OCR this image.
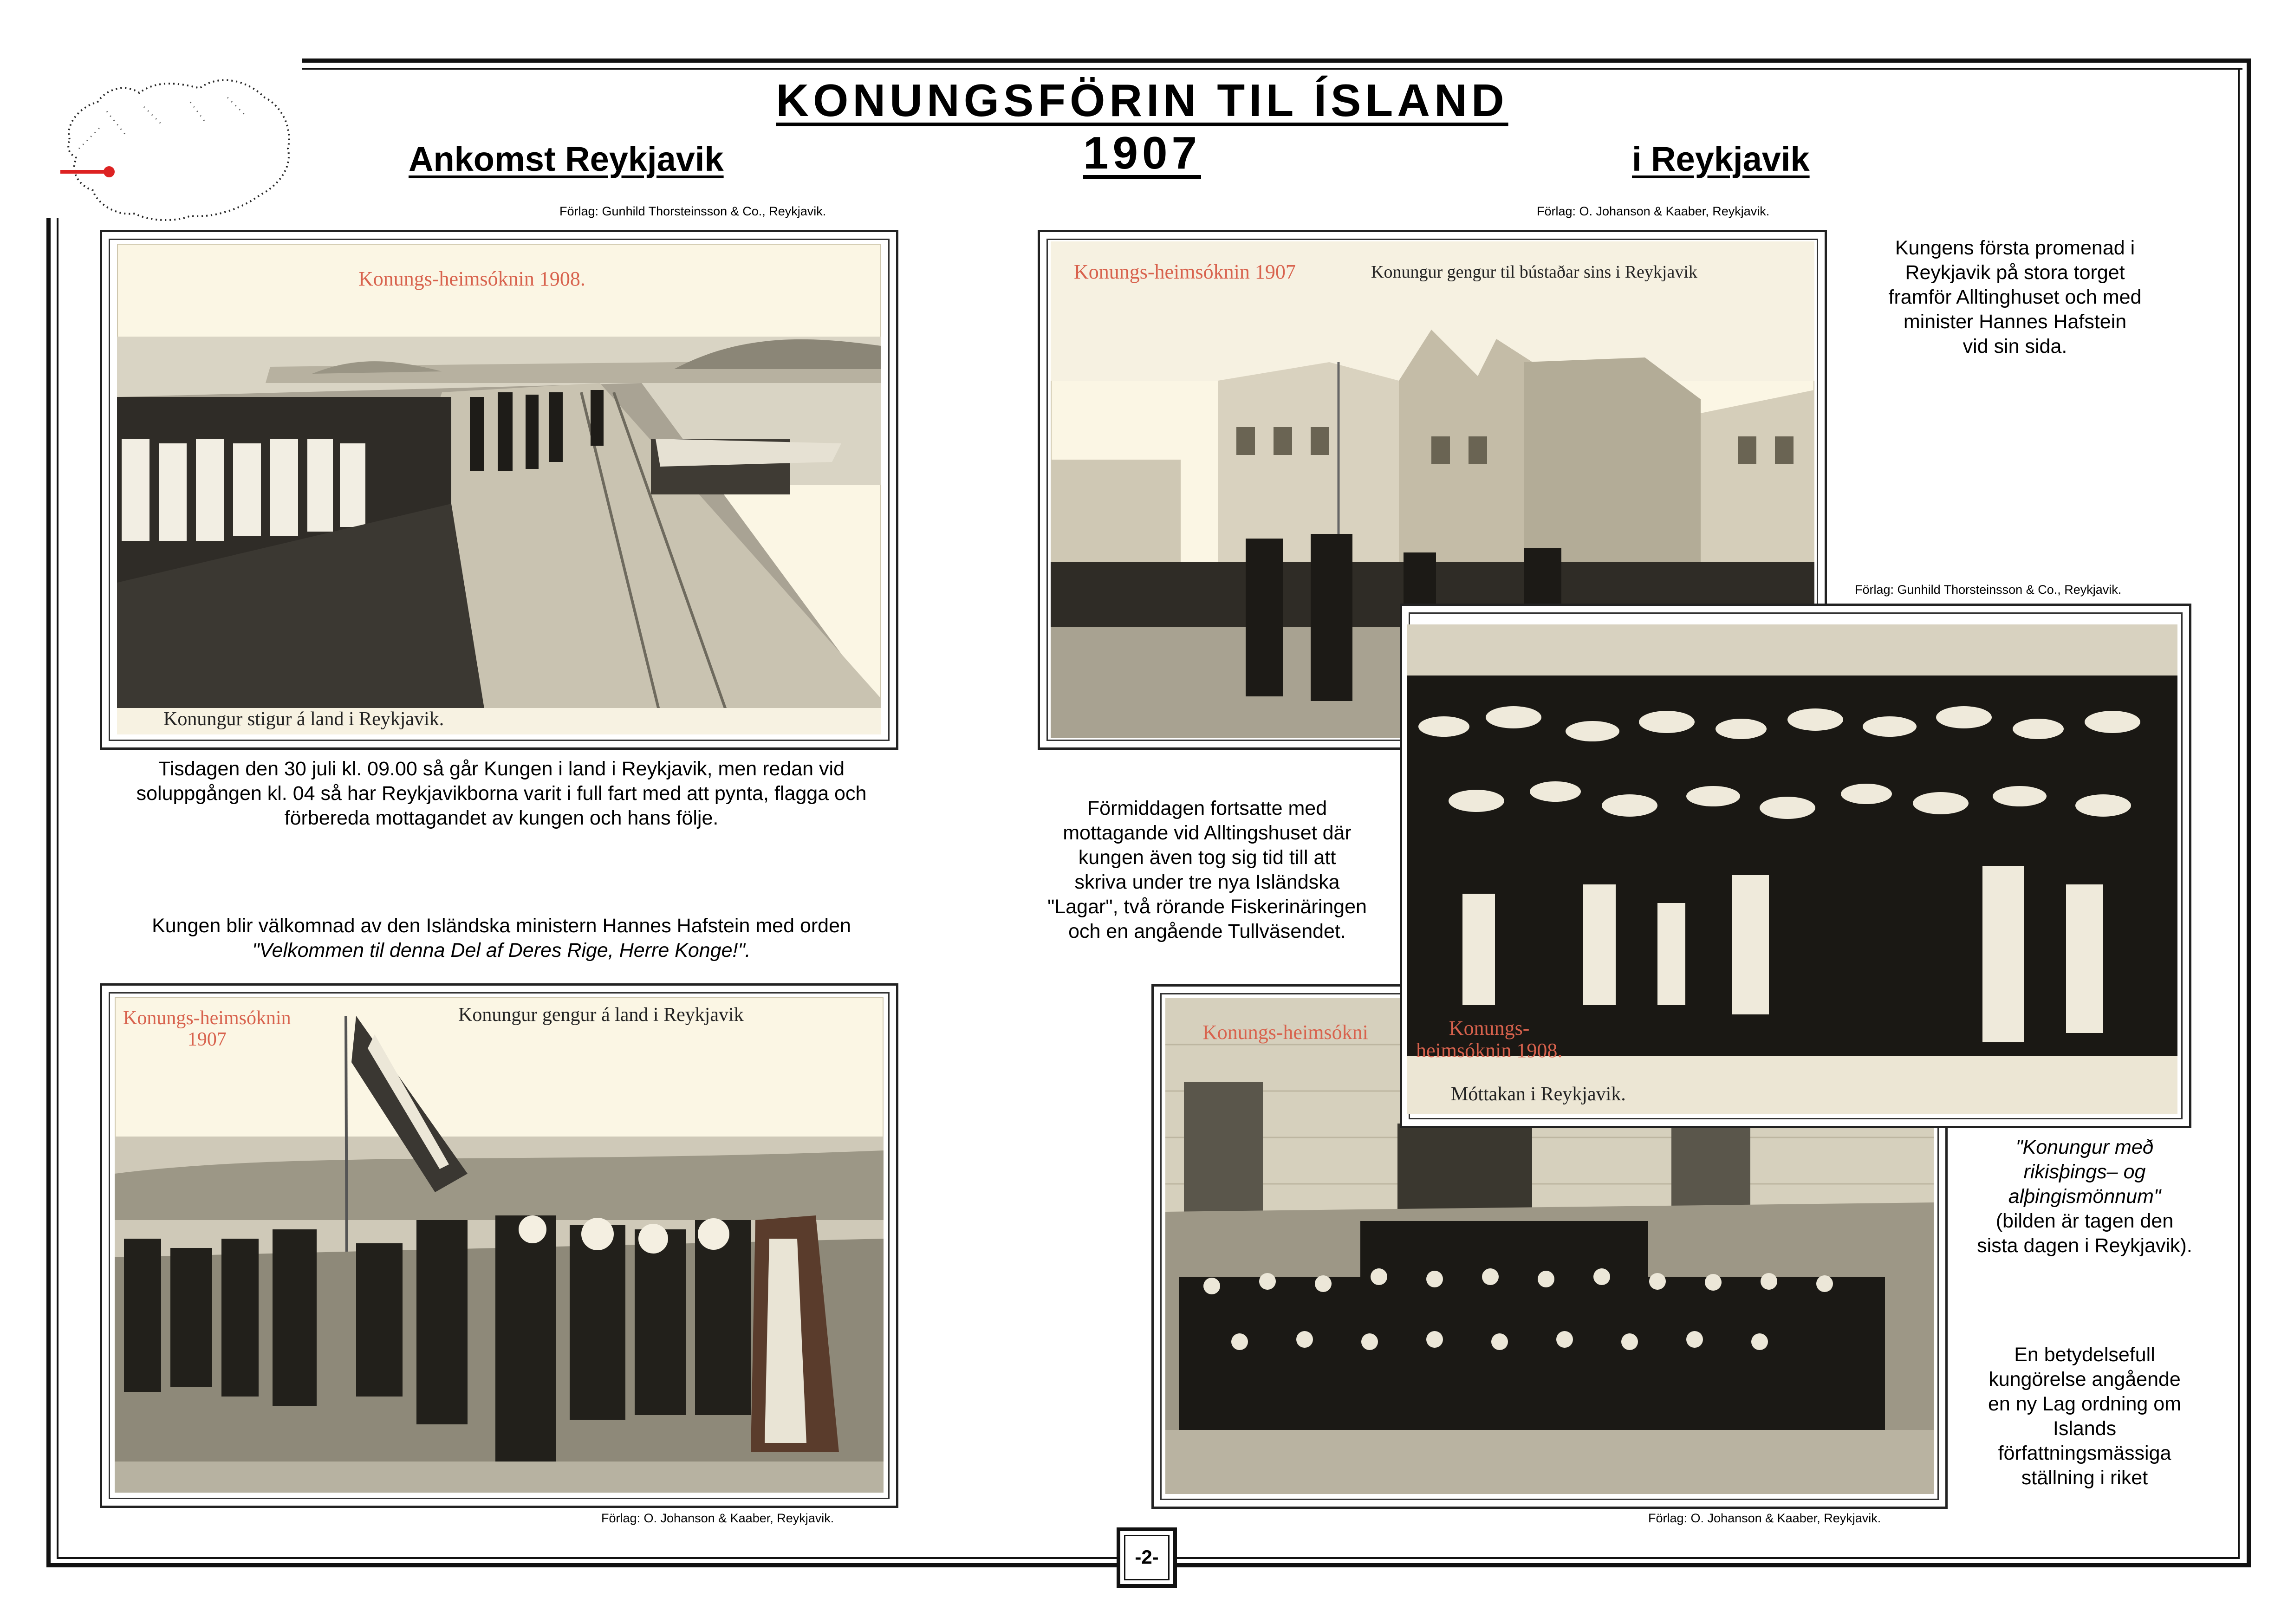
KONUNGSFÖRIN TIL ÍSLAND 1907
Ankomst Reykjavik
Förlag: Gunhild Thorsteinsson & Co., Reykjavik.
Konungs-heimsóknin 1908.
Konungur stigur á land i Reykjavik.
Tisdagen den 30 juli kl. 09.00 så går Kungen i land i Reykjavik, men redan vid
soluppgången kl. 04 så har Reykjavikborna varit i full fart med att pynta, flagga och
förbereda mottagandet av kungen och hans följe.
Kungen blir välkomnad av den Isländska ministern Hannes Hafstein med orden
"Velkommen til denna Del af Deres Rige, Herre Konge!".
Konungs-heimsóknin
1907
Konungur gengur á land i Reykjavik
Förlag: O. Johanson & Kaaber, Reykjavik.
i Reykjavik
Förlag: O. Johanson & Kaaber, Reykjavik.
Konungs-heimsóknin 1907	Konungur gengur til bústaðar sins i Reykjavik
Kungens första promenad i
Reykjavik på stora torget
framför Alltinghuset och med
minister Hannes Hafstein
vid sin sida.
Förmiddagen fortsatte med
mottagande vid Alltingshuset där
kungen även tog sig tid till att
skriva under tre nya Isländska
"Lagar", två rörande Fiskerinäringen
och en angående Tullväsendet.
Konungs-heimsókni	Konungs-
heimsóknin 1908.
Móttakan i Reykjavik.
Förlag: Gunhild Thorsteinsson & Co., Reykjavik.
"Konungur með
rikisþings– og
alþingismönnum"
(bilden är tagen den
sista dagen i Reykjavik).
En betydelsefull
kungörelse angående
en ny Lag ordning om
Islands
författningsmässiga
ställning i riket
Förlag: O. Johanson & Kaaber, Reykjavik.
-2-
